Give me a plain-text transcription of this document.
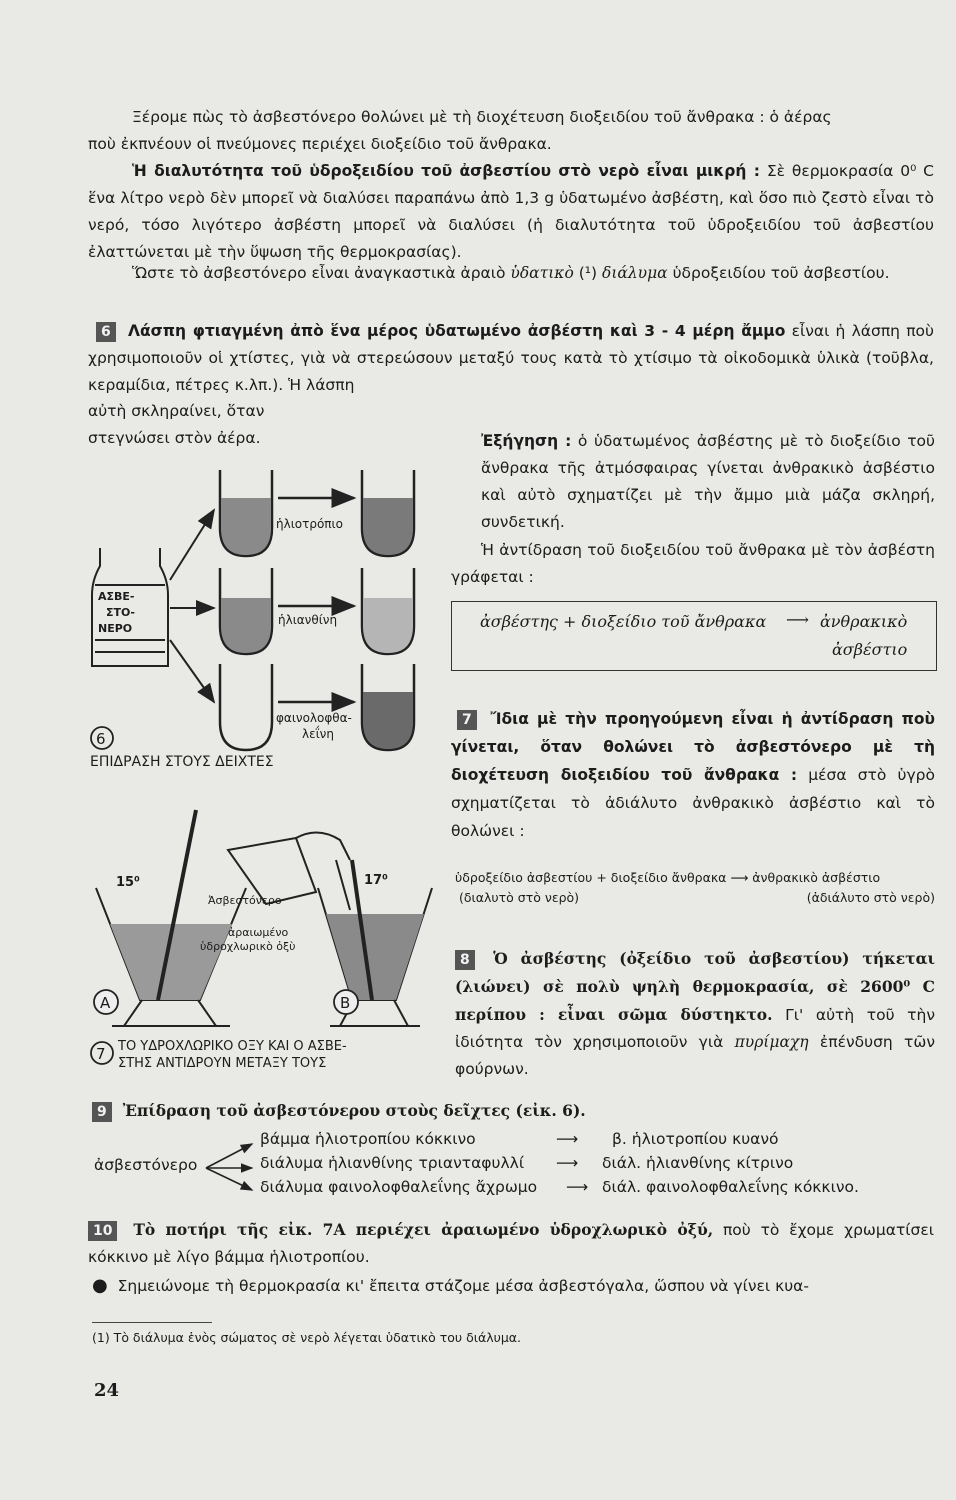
Ξέρομε πὼς τὸ ἀσβεστόνερο θολώνει μὲ τὴ διοχέτευση διοξειδίου τοῦ ἄνθρακα : ὁ ἀέρας
ποὺ ἐκπνέουν οἱ πνεύμονες περιέχει διοξείδιο τοῦ ἄνθρακα.
Ἡ διαλυτότητα τοῦ ὑδροξειδίου τοῦ ἀσβεστίου στὸ νερὸ εἶναι μικρή : Σὲ θερμοκρασία 0⁰ C ἕνα λίτρο νερὸ δὲν μπορεῖ νὰ διαλύσει παραπάνω ἀπὸ 1,3 g ὑδατωμένο ἀσβέστη, καὶ ὅσο πιὸ ζεστὸ εἶναι τὸ νερό, τόσο λιγότερο ἀσβέστη μπορεῖ νὰ διαλύσει (ἡ διαλυτότητα τοῦ ὑδροξειδίου τοῦ ἀσβεστίου ἐλαττώνεται μὲ τὴν ὕψωση τῆς θερμοκρασίας).
Ὥστε τὸ ἀσβεστόνερο εἶναι ἀναγκαστικὰ ἀραιὸ ὑδατικὸ (¹) διάλυμα ὑδροξειδίου τοῦ ἀσβεστίου.
6 Λάσπη φτιαγμένη ἀπὸ ἕνα μέρος ὑδατωμένο ἀσβέστη καὶ 3 - 4 μέρη ἄμμο εἶναι ἡ λάσπη ποὺ χρησιμοποιοῦν οἱ χτίστες, γιὰ νὰ στερεώσουν μεταξύ τους κατὰ τὸ χτίσιμο τὰ οἰκοδομικὰ ὑλικὰ (τοῦβλα, κεραμίδια, πέτρες κ.λπ.). Ἡ λάσπη
αὐτὴ σκληραίνει, ὅταν στεγνώσει στὸν ἀέρα.	Ἐξήγηση : ὁ ὑδατωμένος ἀσβέστης μὲ τὸ διοξείδιο τοῦ ἄνθρακα τῆς ἀτμόσφαιρας γίνεται ἀνθρακικὸ ἀσβέστιο καὶ αὐτὸ σχηματίζει μὲ τὴν ἄμμο μιὰ μάζα σκληρή, συνδετική.
Ἡ ἀντίδραση τοῦ διοξειδίου τοῦ ἄνθρακα μὲ τὸν ἀσβέστη γράφεται :
ἀσβέστης + διοξείδιο τοῦ ἄνθρακα ⟶ ἀνθρακικὸ
ἀσβέστιο
7 Ἴδια μὲ τὴν προηγούμενη εἶναι ἡ ἀντίδραση ποὺ γίνεται, ὅταν θολώνει τὸ ἀσβεστόνερο μὲ τὴ διοχέτευση διοξειδίου τοῦ ἄνθρακα : μέσα στὸ ὑγρὸ σχηματίζεται τὸ ἀδιάλυτο ἀνθρακικὸ ἀσβέστιο καὶ τὸ θολώνει :
ὑδροξείδιο ἀσβεστίου + διοξείδιο ἄνθρακα ⟶ ἀνθρακικὸ ἀσβέστιο
(διαλυτὸ στὸ νερὸ)	(ἀδιάλυτο στὸ νερὸ)
8 Ὁ ἀσβέστης (ὀξείδιο τοῦ ἀσβεστίου) τήκεται (λιώνει) σὲ πολὺ ψηλὴ θερμοκρασία, σὲ 2600⁰ C περίπου : εἶναι σῶμα δύστηκτο. Γι' αὐτὴ τοῦ τὴν ἰδιότητα τὸν χρησιμοποιοῦν γιὰ πυρίμαχη ἐπένδυση τῶν φούρνων.
ΑΣΒΕ-
ΣΤΟ-
ΝΕΡΟ
ἡλιοτρόπιο
ἡλιανθίνη
φαινολοφθα-
λεΐνη
6
ΕΠΙΔΡΑΣΗ ΣΤΟΥΣ ΔΕΙΧΤΕΣ
15⁰
A
Ἀσβεστόνερο
ἀραιωμένο
ὑδροχλωρικὸ ὀξὺ
17⁰
B
7 ΤΟ ΥΔΡΟΧΛΩΡΙΚΟ ΟΞΥ ΚΑΙ Ο ΑΣΒΕ-
ΣΤΗΣ ΑΝΤΙΔΡΟΥΝ ΜΕΤΑΞΥ ΤΟΥΣ
9 Ἐπίδραση τοῦ ἀσβεστόνερου στοὺς δεῖχτες (εἰκ. 6).
ἀσβεστόνερο
βάμμα ἡλιοτροπίου κόκκινο	⟶ β. ἡλιοτροπίου κυανό
διάλυμα ἡλιανθίνης τριανταφυλλί ⟶ διάλ. ἡλιανθίνης κίτρινο
διάλυμα φαινολοφθαλεΐνης ἄχρωμο ⟶ διάλ. φαινολοφθαλεΐνης κόκκινο.
10 Τὸ ποτήρι τῆς εἰκ. 7Α περιέχει ἀραιωμένο ὑδροχλωρικὸ ὀξύ, ποὺ τὸ ἔχομε χρωματίσει κόκκινο μὲ λίγο βάμμα ἡλιοτροπίου.
● Σημειώνομε τὴ θερμοκρασία κι' ἔπειτα στάζομε μέσα ἀσβεστόγαλα, ὥσπου νὰ γίνει κυα-
(1) Τὸ διάλυμα ἑνὸς σώματος σὲ νερὸ λέγεται ὑδατικὸ του διάλυμα.
24
